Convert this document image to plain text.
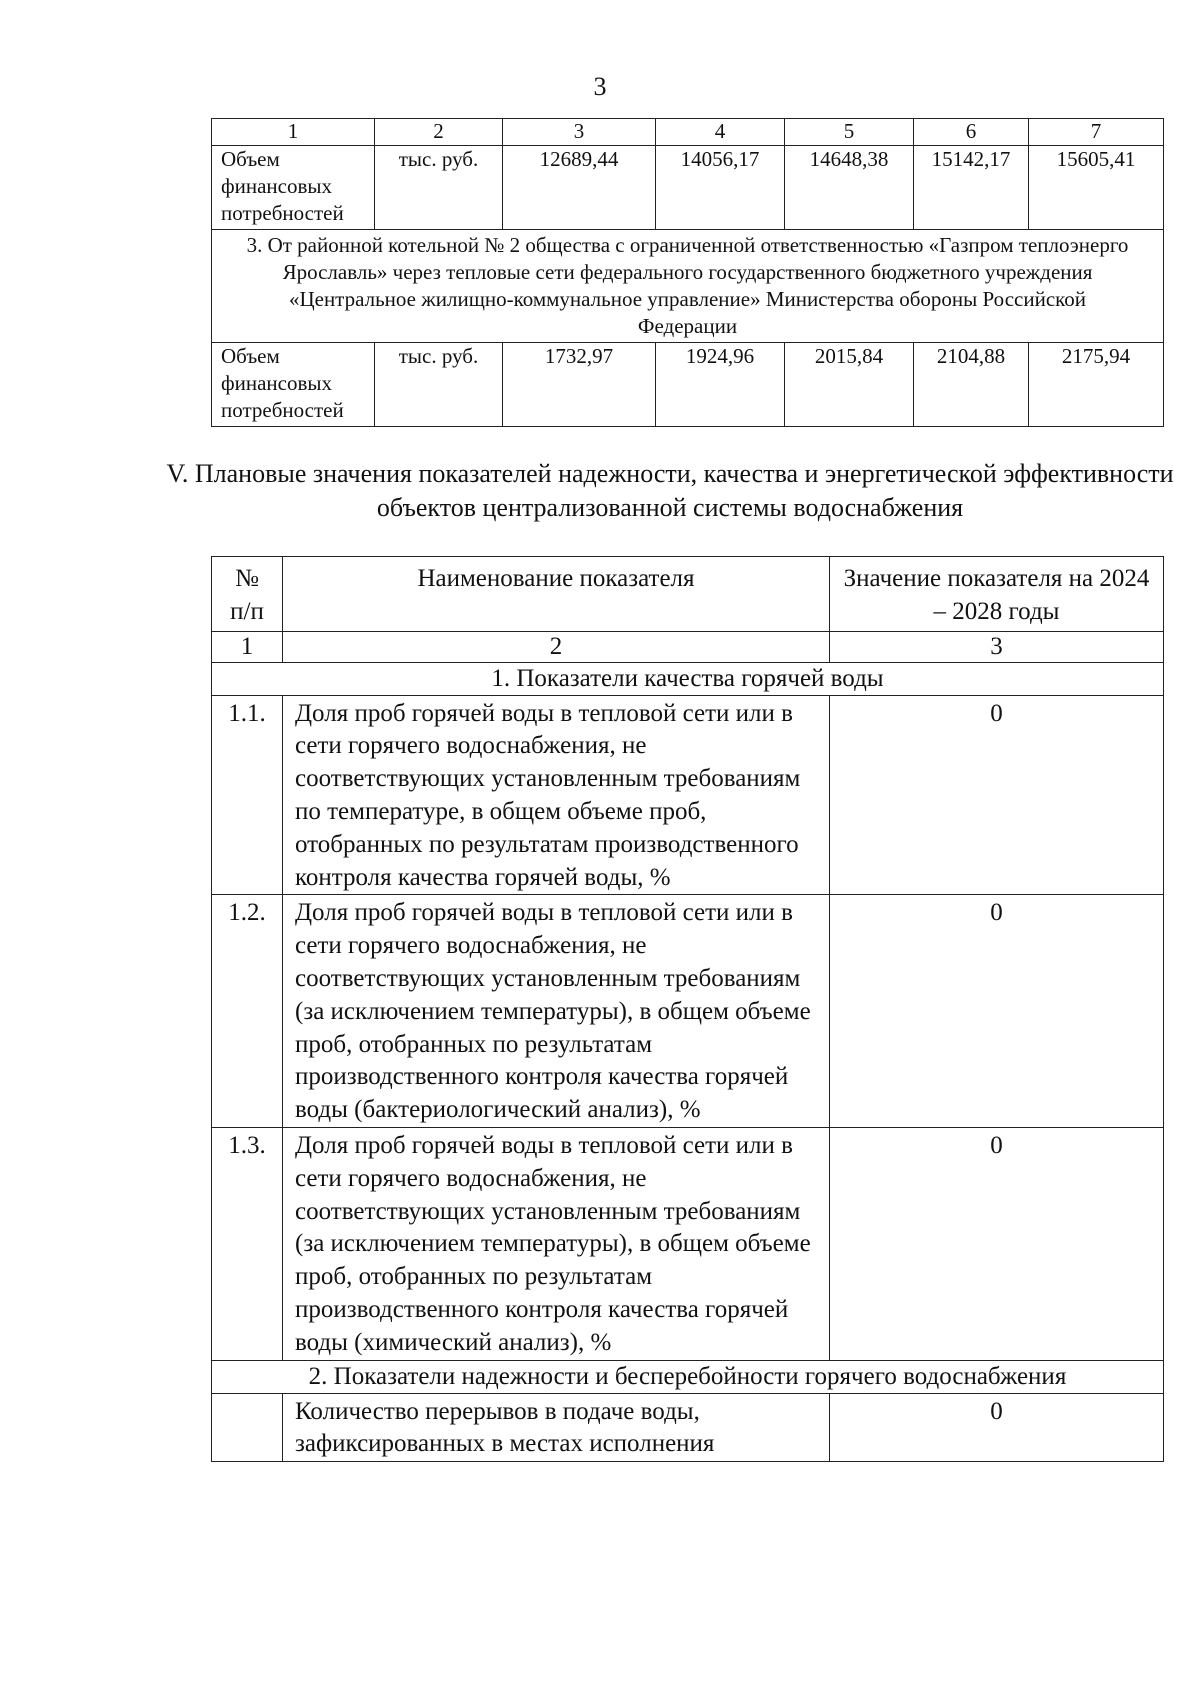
3
1	2	3	4	5	6	7
Объем финансовых потребностей	тыс. руб.	12689,44	14056,17	14648,38	15142,17	15605,41
3. От районной котельной № 2 общества с ограниченной ответственностью «Газпром теплоэнерго Ярославль» через тепловые сети федерального государственного бюджетного учреждения «Центральное жилищно-коммунальное управление» Министерства обороны Российской Федерации						
Объем финансовых потребностей	тыс. руб.	1732,97	1924,96	2015,84	2104,88	2175,94
V. Плановые значения показателей надежности, качества и энергетической эффективности объектов централизованной системы водоснабжения
№ п/п	Наименование показателя	Значение показателя на 2024 – 2028 годы
1	2	3
1. Показатели качества горячей воды		
1.1.	Доля проб горячей воды в тепловой сети или в сети горячего водоснабжения, не соответствующих установленным требованиям по температуре, в общем объеме проб, отобранных по результатам производственного контроля качества горячей воды, %	0
1.2.	Доля проб горячей воды в тепловой сети или в сети горячего водоснабжения, не соответствующих установленным требованиям (за исключением температуры), в общем объеме проб, отобранных по результатам производственного контроля качества горячей воды (бактериологический анализ), %	0
1.3.	Доля проб горячей воды в тепловой сети или в сети горячего водоснабжения, не соответствующих установленным требованиям (за исключением температуры), в общем объеме проб, отобранных по результатам производственного контроля качества горячей воды (химический анализ), %	0
2. Показатели надежности и бесперебойности горячего водоснабжения		
	Количество перерывов в подаче воды, зафиксированных в местах исполнения	0
